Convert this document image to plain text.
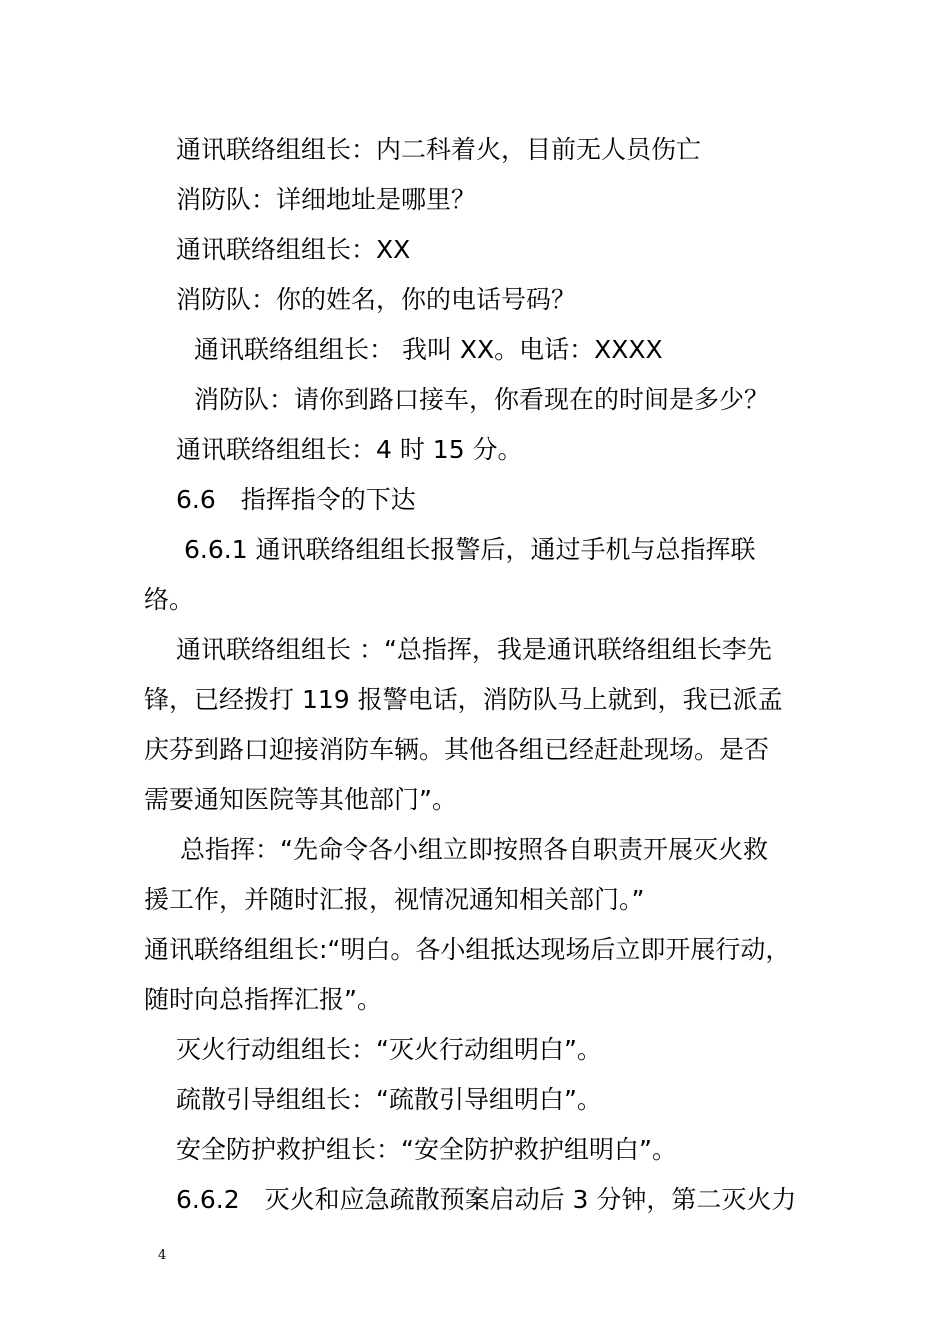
通讯联络组组长：内二科着火，目前无人员伤亡
消防队：详细地址是哪里？
通讯联络组组长：XX
消防队：你的姓名，你的电话号码？
通讯联络组组长： 我叫 XX。电话：XXXX
消防队：请你到路口接车，你看现在的时间是多少？
通讯联络组组长：4 时 15 分。
6.6　指挥指令的下达
6.6.1 通讯联络组组长报警后，通过手机与总指挥联
络。
通讯联络组组长 ：“总指挥，我是通讯联络组组长李先
锋，已经拨打 119 报警电话，消防队马上就到，我已派孟
庆芬到路口迎接消防车辆。其他各组已经赶赴现场。是否
需要通知医院等其他部门”。
总指挥：“先命令各小组立即按照各自职责开展灭火救
援工作，并随时汇报，视情况通知相关部门。”
通讯联络组组长:“明白。各小组抵达现场后立即开展行动，
随时向总指挥汇报”。
灭火行动组组长：“灭火行动组明白”。
疏散引导组组长：“疏散引导组明白”。
安全防护救护组长：“安全防护救护组明白”。
6.6.2　灭火和应急疏散预案启动后 3 分钟，第二灭火力
4
